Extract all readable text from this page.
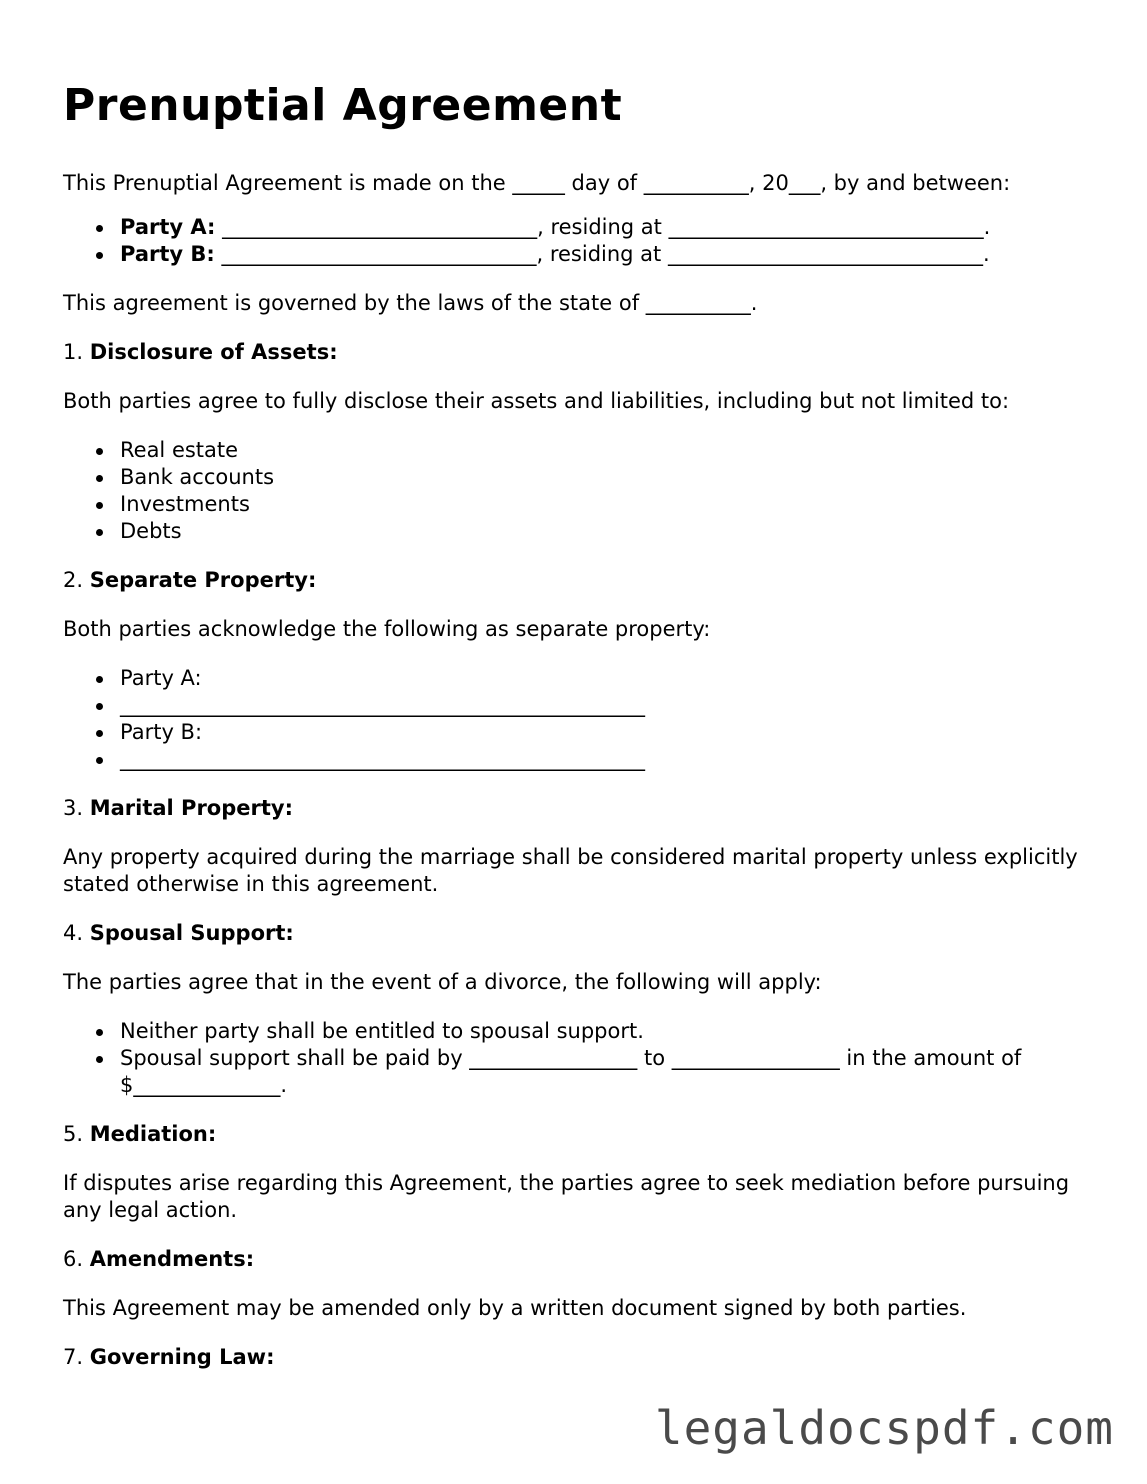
Prenuptial Agreement

This Prenuptial Agreement is made on the _____ day of __________, 20___, by and between:

Party A: ______________________________, residing at ______________________________.
Party B: ______________________________, residing at ______________________________.

This agreement is governed by the laws of the state of __________.

1. Disclosure of Assets:

Both parties agree to fully disclose their assets and liabilities, including but not limited to:

Real estate
Bank accounts
Investments
Debts

2. Separate Property:

Both parties acknowledge the following as separate property:

Party A:
__________________________________________________
Party B:
__________________________________________________

3. Marital Property:

Any property acquired during the marriage shall be considered marital property unless explicitly stated otherwise in this agreement.

4. Spousal Support:

The parties agree that in the event of a divorce, the following will apply:

Neither party shall be entitled to spousal support.
Spousal support shall be paid by ________________ to ________________ in the amount of $______________.

5. Mediation:

If disputes arise regarding this Agreement, the parties agree to seek mediation before pursuing any legal action.

6. Amendments:

This Agreement may be amended only by a written document signed by both parties.

7. Governing Law:

legaldocspdf.com
